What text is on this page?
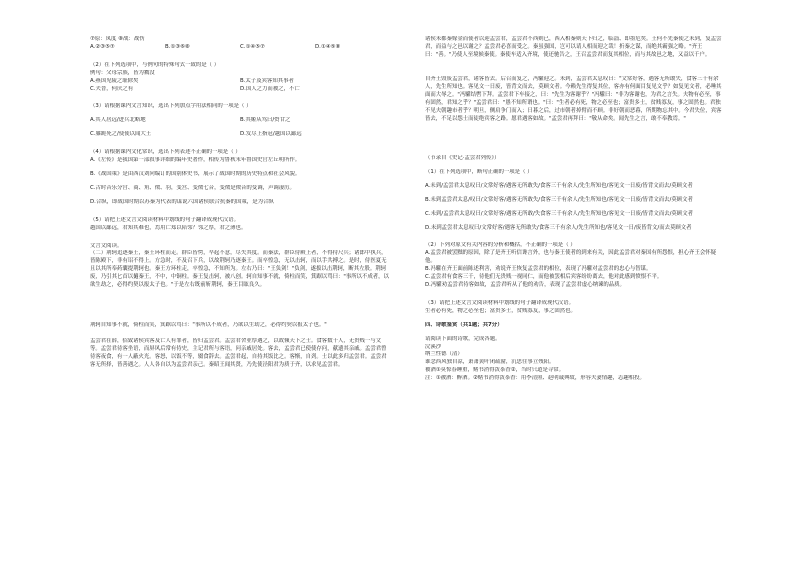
⑦原：凤度 ⑧战：战伤
A.②③⑤⑦	B.①③⑥⑧	C.①④⑤⑦	D.①④⑤⑧
（2）在下列选项中，与例句的特殊句式一致的是（ ）
例句：父母宗族，皆为戮没
A.燕国见陵之耻除矣	B.太子及宾客知其事者
C.夫晋，何厌之有	D.国人之力而被之，不亡
（3）请根据课内文言知识，选出下列加点字用法相同的一项是（ ）
A.其人居远/进兵北略地	B.其姬从骂曰/赍甘之
C.膝跪死之/使使以闻大王	D.发尽上指冠/越国以鄙远
（4）请根据课内文化常识，选出下列表述不正确的一项是（ ）
A.《左传》是我国第一部叙事详细的编年史著作，相传为鲁秋末年鲁国史官左丘明所作。
B.《战国策》是由西汉刘向编订的国别体史书，展示了战国时期的历史特点和社会风貌。
C.古时音乐分宫、商、角、徵、羽，变宫、变徵七音，变徵是徵音的变调，声调凄厉。
D.合纵，即战国时期以苏秦为代表的谋说六国诸侯联合抗秦的国策，是为合纵
（5）请把上述文言文阅读材料中划线的句子翻译成现代汉语。
越国以鄙远，君知其难也，焉用亡郑以陪邻？邻之厚，君之薄也。
文言文阅读。
（二）荆轲追逐秦王，秦王环柱而走。群臣皆愕，卒起不意，尽失其度。而秦法，群臣侍殿上者，不得持尺兵；诸郎中执兵，皆陈殿下，非有诏不得上。方急时，不及召下兵，以故荆轲乃逐秦王。而卒惶急，无以击轲，而以手共搏之。是时，侍医夏无且以其所奉药囊提荆轲也。秦王方环柱走，卒惶急，不知所为。左右乃曰："王负剑！"负剑，遂拔以击荆轲，断其左股。荆轲废，乃引其匕首以擿秦王，不中，中铜柱。秦王复击轲，被八创。轲自知事不就，倚柱而笑，箕踞以骂曰："事所以不成者，以欲生劫之，必得约契以报太子也。"于是左右既前斩荆轲，秦王目眩良久。
荆轲自知事不就，倚柱而笑，箕踞以骂曰："事所以不成者，乃欲以生劫之，必得约契以报太子也。"
孟尝君在薛，招致诸侯宾客及亡人有罪者，皆归孟尝君。孟尝君舍业厚遇之，以故倾天下之士。食客数千人，无贵贱一与文等。孟尝君待客坐语，而屏风后常有侍史，主记君所与客语，问亲戚居处。客去，孟尝君已使使存问，献遗其亲戚。孟尝君曾待客夜食，有一人蔽火光。客怒，以饭不等，辍食辞去。孟尝君起，自持其饭比之。客惭，自刭。士以此多归孟尝君。孟尝君客无所择，皆善遇之。人人各自以为孟尝君亲己。秦昭王闻其贤，乃先使泾阳君为质于齐，以求见孟尝君。
诸侯未都秦嫁金而使者以迎孟尝君，孟尝君不西则已，西入相秦则天下归之，临淄、即墨危矣。王何不先秦使之未到，复孟尝君，而益与之邑以谢之？孟尝君必喜而受之。秦虽强国，岂可以请人相而迎之哉！折秦之谋，而绝其霸强之略。"齐王曰："善。"乃使人至境候秦使。秦使车适入齐境，使还驰告之，王召孟尝君而复其相位，而与其故邑之地，又益以千户。
自齐王毁废孟尝君，诸客皆去。后召而复之，冯驩迎之。未到，孟尝君太息叹曰："文常好客，遇客无所敢失，食客三千有余人，先生所知也。客见文一日废，皆背文而去，莫顾文者。今赖先生得复其位，客亦有何面目复见文乎？如复见文者，必唾其面而大辱之。"冯驩结辔下拜。孟尝君下车接之，曰："先生为客谢乎？"冯驩曰："非为客谢也，为君之言失。夫物有必至，事有固然，君知之乎？"孟尝君曰："愚不知所谓也。"曰："生者必有死，物之必至也；富贵多士，贫贱寡友，事之固然也。君独不见夫朝趣市者乎？明旦，侧肩争门而入；日暮之后，过市朝者掉臂而不顾。非好朝而恶暮，所期物忘其中。今君失位，宾客皆去，不足以怨士而徒绝宾客之路。愿君遇客如故。"孟尝君再拜曰："敬从命矣。闻先生之言，敢不奉教焉。"
（节录自《史记·孟尝君列传》）
（1）在下列选项中，断句正确的一项是（ ）
A.未到/孟尝君太息叹曰/文常好客/遇客无所敢失/食客三千有余人/先生所知也/客见文一日废/皆背文而去/莫顾文者
B.未到孟尝君太息/叹曰/文常好客/遇客无所敢失/食客三千有余人/先生所知也/客见文一日废/皆背文而去/莫顾文者
C.未到/孟尝君太息叹曰/文常好客/遇客无所敢/失食客三千有余人/先生所知也/客见文一日废/皆背文而去/莫顾文者
D.未到孟尝君太息叹曰/文常好客/遇客无所敢失/食客三千有余人/先生所知也/客见文一日/废皆背文/而去莫顾文者
（2）下列对原文有关内容的分析和概括，不正确的一项是（ ）
A.孟尝君被罢黜的原因，除了是齐王听信谗言外，也与秦王使者的到来有关，因此孟尝君对秦国有所怨恨，担心齐王会怀疑他。
B.冯驩在齐王面前陈述利害，劝说齐王恢复孟尝君的相位，表现了冯驩对孟尝君的忠心与智谋。
C.孟尝君有食客三千，待他们无贵贱一视同仁，而他被罢相后宾客纷纷离去，他对此感到愤恨不平。
D.冯驩劝孟尝君待客如故，孟尝君听从了他的劝告，表现了孟尝君虚心纳谏的品质。
（3）请把上述文言文阅读材料中划线的句子翻译成现代汉语。
生者必有死，物之必至也；富贵多士，贫贱寡友，事之固然也。
四、诗歌鉴赏（共1题；共7分）
请阅读下面的诗歌，完成各题。
浣溪沙
纳兰性德（清）
谁念西风独自凉，萧萧黄叶闭疏窗，沉思往事立残阳。
被酒①莫惊春睡重，赌书消得泼茶香②，当时只道是寻常。
注：①被酒：醉酒。②赌书消得泼茶香：用李清照、赵明诚典故，形容夫妻情趣，志趣相投。
